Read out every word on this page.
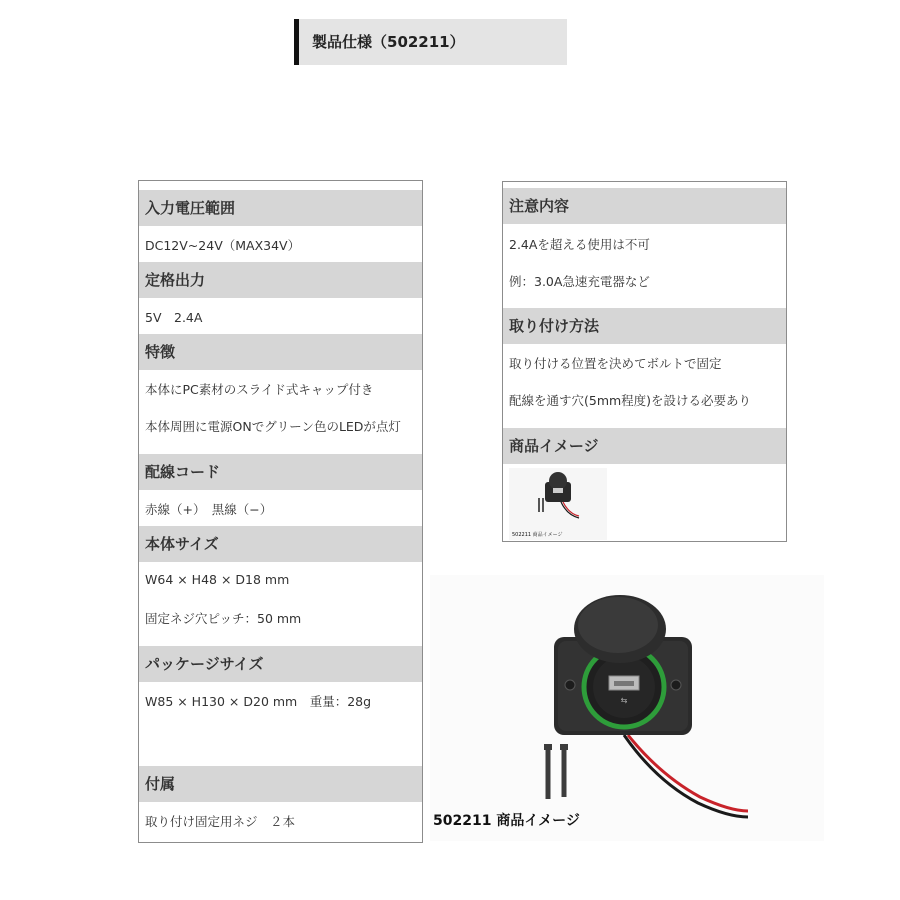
製品仕様（502211）
入力電圧範囲
DC12V~24V（MAX34V）
定格出力
5V　2.4A
特徴
本体にPC素材のスライド式キャップ付き
本体周囲に電源ONでグリーン色のLEDが点灯
配線コード
赤線（+）　黒線（−）
本体サイズ
W64 × H48 × D18 mm
固定ネジ穴ピッチ：50 mm
パッケージサイズ
W85 × H130 × D20 mm　重量：28g
付属
取り付け固定用ネジ　２本
注意内容
2.4Aを超える使用は不可
例：3.0A急速充電器など
取り付け方法
取り付ける位置を決めてボルトで固定
配線を通す穴(5mm程度)を設ける必要あり
商品イメージ
502211 商品イメージ
⇆
502211 商品イメージ
